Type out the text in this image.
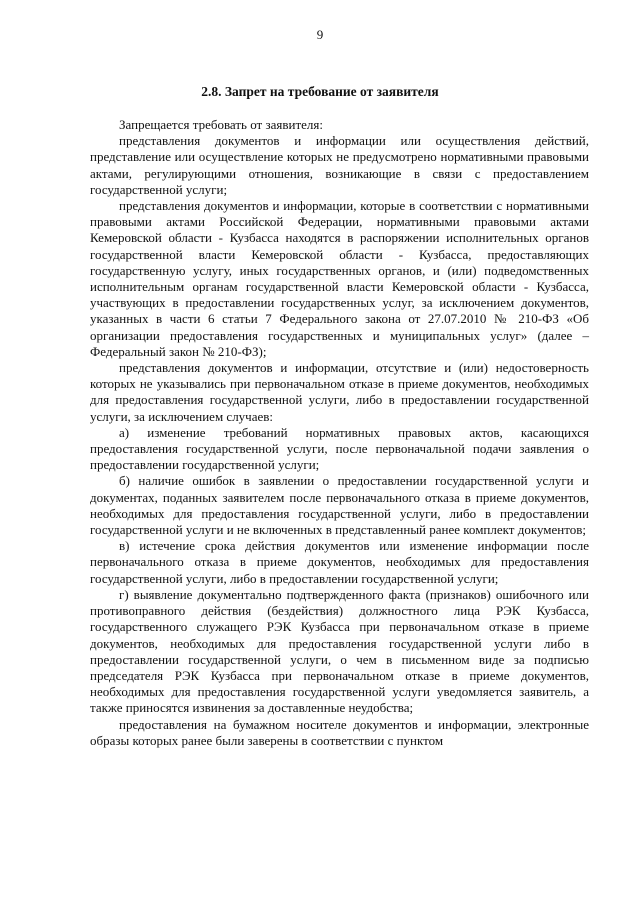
9
2.8. Запрет на требование от заявителя

Запрещается требовать от заявителя:

представления документов и информации или осуществления действий, представление или осуществление которых не предусмотрено нормативными правовыми актами, регулирующими отношения, возникающие в связи с предоставлением государственной услуги;

представления документов и информации, которые в соответствии с нормативными правовыми актами Российской Федерации, нормативными правовыми актами Кемеровской области - Кузбасса находятся в распоряжении исполнительных органов государственной власти Кемеровской области - Кузбасса, предоставляющих государственную услугу, иных государственных органов, и (или) подведомственных исполнительным органам государственной власти Кемеровской области - Кузбасса, участвующих в предоставлении государственных услуг, за исключением документов, указанных в части 6 статьи 7 Федерального закона от 27.07.2010 № 210-ФЗ «Об организации предоставления государственных и муниципальных услуг» (далее – Федеральный закон № 210-ФЗ);

представления документов и информации, отсутствие и (или) недостоверность которых не указывались при первоначальном отказе в приеме документов, необходимых для предоставления государственной услуги, либо в предоставлении государственной услуги, за исключением случаев:

а) изменение требований нормативных правовых актов, касающихся предоставления государственной услуги, после первоначальной подачи заявления о предоставлении государственной услуги;

б) наличие ошибок в заявлении о предоставлении государственной услуги и документах, поданных заявителем после первоначального отказа в приеме документов, необходимых для предоставления государственной услуги, либо в предоставлении государственной услуги и не включенных в представленный ранее комплект документов;

в) истечение срока действия документов или изменение информации после первоначального отказа в приеме документов, необходимых для предоставления государственной услуги, либо в предоставлении государственной услуги;

г) выявление документально подтвержденного факта (признаков) ошибочного или противоправного действия (бездействия) должностного лица РЭК Кузбасса, государственного служащего РЭК Кузбасса при первоначальном отказе в приеме документов, необходимых для предоставления государственной услуги либо в предоставлении государственной услуги, о чем в письменном виде за подписью председателя РЭК Кузбасса при первоначальном отказе в приеме документов, необходимых для предоставления государственной услуги уведомляется заявитель, а также приносятся извинения за доставленные неудобства;

предоставления на бумажном носителе документов и информации, электронные образы которых ранее были заверены в соответствии с пунктом
